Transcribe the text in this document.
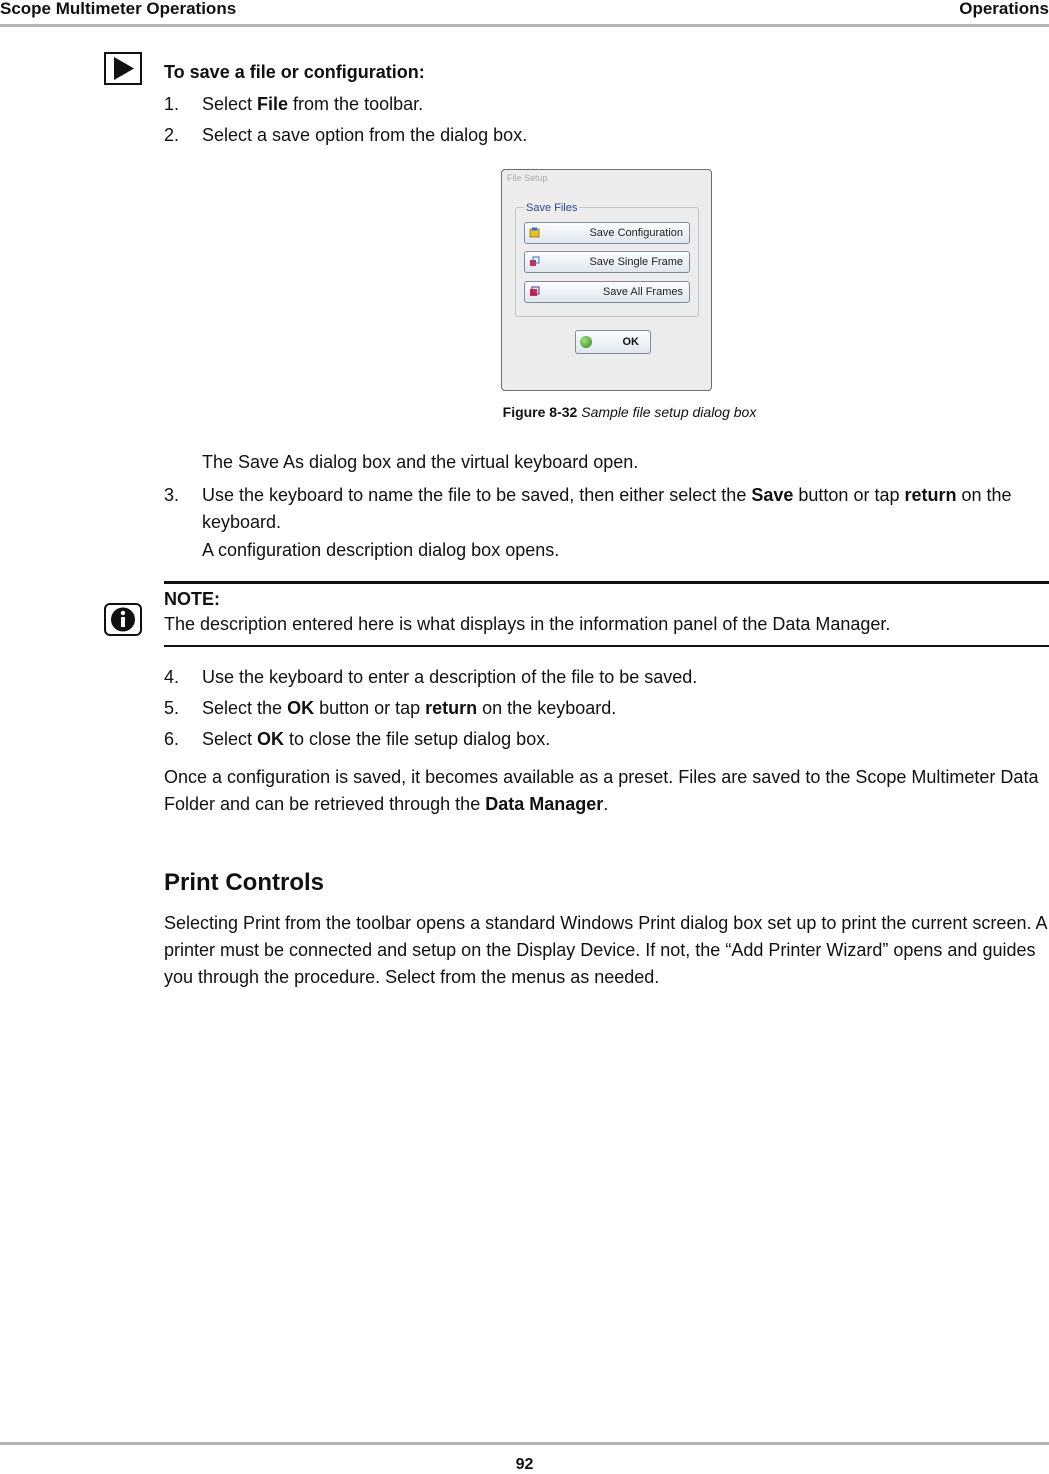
Scope Multimeter Operations	Operations
To save a file or configuration:
1. Select File from the toolbar.
2. Select a save option from the dialog box.
File Setup
Save Files
Save Configuration
Save Single Frame
Save All Frames
OK
Figure 8-32 Sample file setup dialog box
The Save As dialog box and the virtual keyboard open.
3. Use the keyboard to name the file to be saved, then either select the Save button or tap return on the keyboard.
A configuration description dialog box opens.
NOTE:
The description entered here is what displays in the information panel of the Data Manager.
4. Use the keyboard to enter a description of the file to be saved.
5. Select the OK button or tap return on the keyboard.
6. Select OK to close the file setup dialog box.
Once a configuration is saved, it becomes available as a preset. Files are saved to the Scope Multimeter Data Folder and can be retrieved through the Data Manager.
Print Controls
Selecting Print from the toolbar opens a standard Windows Print dialog box set up to print the current screen. A printer must be connected and setup on the Display Device. If not, the “Add Printer Wizard” opens and guides you through the procedure. Select from the menus as needed.
92
